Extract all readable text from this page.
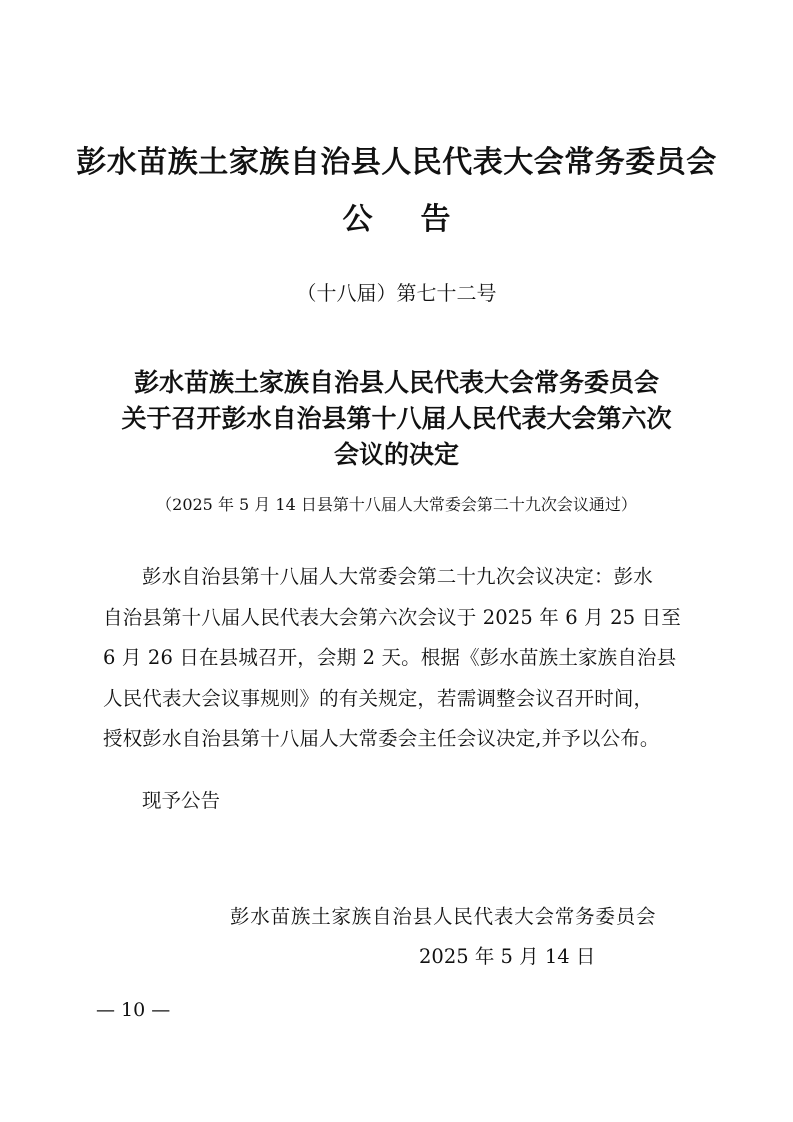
彭水苗族土家族自治县人民代表大会常务委员会
公告
（十八届）第七十二号
彭水苗族土家族自治县人民代表大会常务委员会
关于召开彭水自治县第十八届人民代表大会第六次
会议的决定
（2025 年 5 月 14 日县第十八届人大常委会第二十九次会议通过）
彭水自治县第十八届人大常委会第二十九次会议决定：彭水
自治县第十八届人民代表大会第六次会议于 2025 年 6 月 25 日至
6 月 26 日在县城召开，会期 2 天。根据《彭水苗族土家族自治县
人民代表大会议事规则》的有关规定，若需调整会议召开时间，
授权彭水自治县第十八届人大常委会主任会议决定,并予以公布。
现予公告
彭水苗族土家族自治县人民代表大会常务委员会
2025 年 5 月 14 日
— 10 —
